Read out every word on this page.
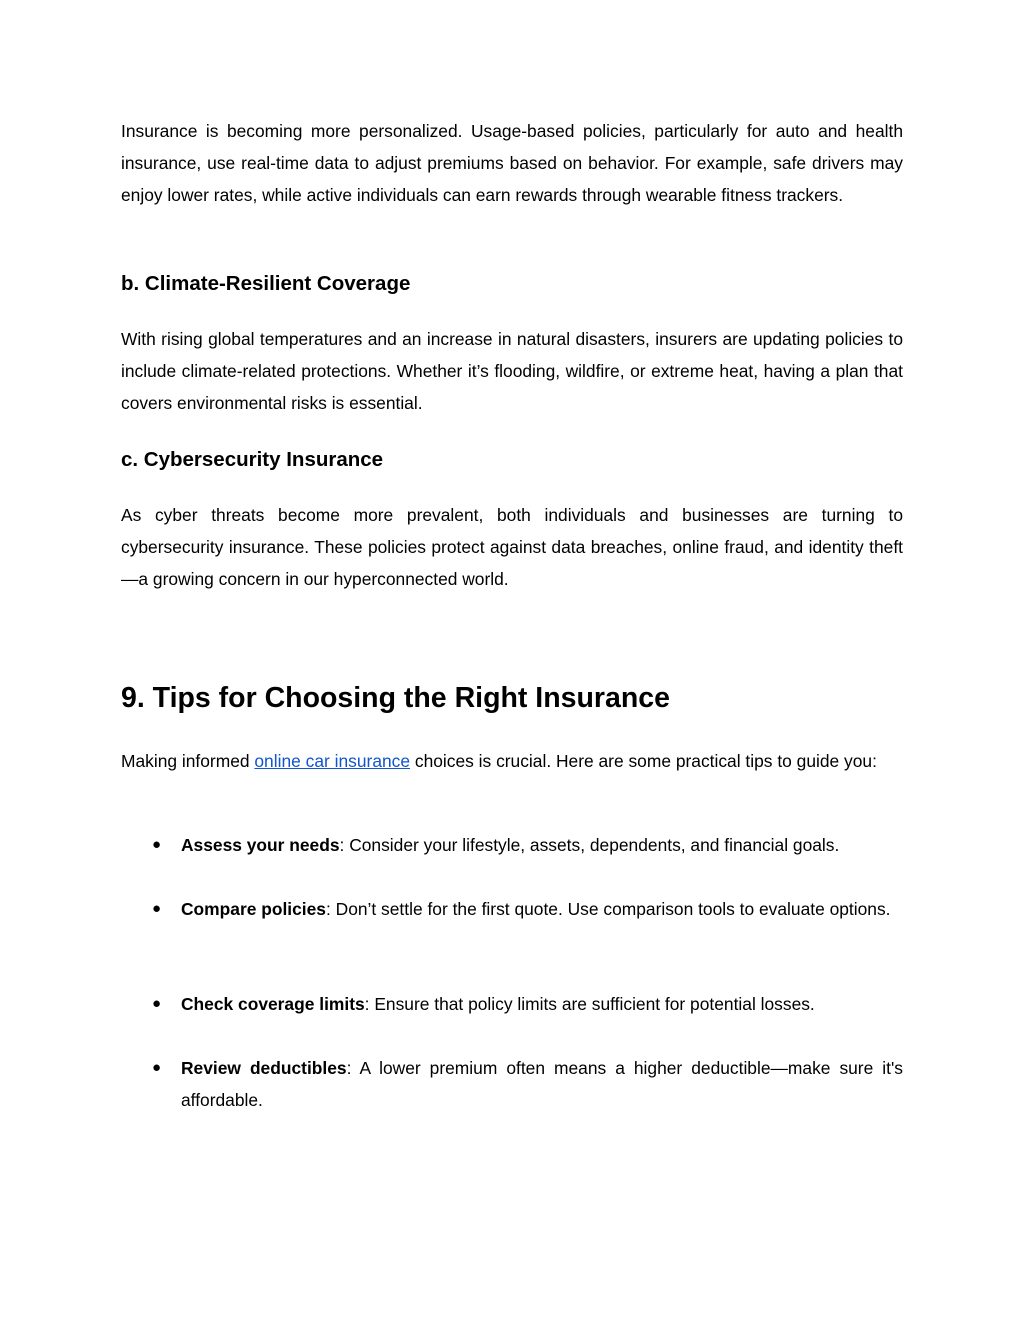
Insurance is becoming more personalized. Usage-based policies, particularly for auto and health insurance, use real-time data to adjust premiums based on behavior. For example, safe drivers may enjoy lower rates, while active individuals can earn rewards through wearable fitness trackers.

b. Climate-Resilient Coverage

With rising global temperatures and an increase in natural disasters, insurers are updating policies to include climate-related protections. Whether it’s flooding, wildfire, or extreme heat, having a plan that covers environmental risks is essential.

c. Cybersecurity Insurance

As cyber threats become more prevalent, both individuals and businesses are turning to cybersecurity insurance. These policies protect against data breaches, online fraud, and identity theft—a growing concern in our hyperconnected world.

9. Tips for Choosing the Right Insurance

Making informed online car insurance choices is crucial. Here are some practical tips to guide you:

● Assess your needs: Consider your lifestyle, assets, dependents, and financial goals.

● Compare policies: Don’t settle for the first quote. Use comparison tools to evaluate options.

● Check coverage limits: Ensure that policy limits are sufficient for potential losses.

● Review deductibles: A lower premium often means a higher deductible—make sure it's affordable.
